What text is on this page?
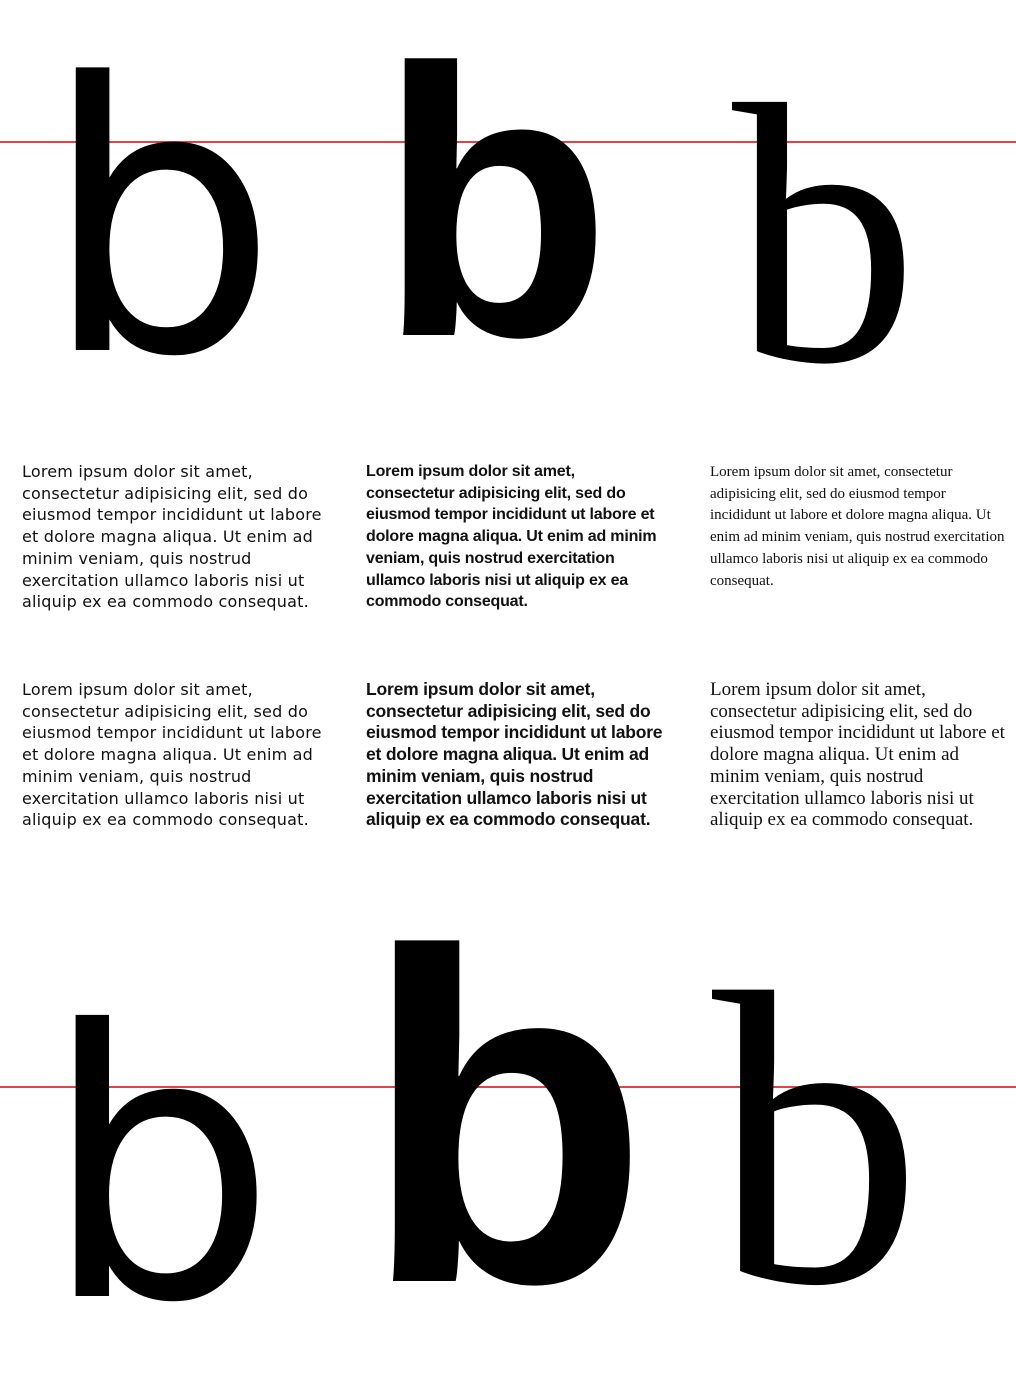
b b b

Lorem ipsum dolor sit amet, consectetur adipisicing elit, sed do eiusmod tempor incididunt ut labore et dolore magna aliqua. Ut enim ad minim veniam, quis nostrud exercitation ullamco laboris nisi ut aliquip ex ea commodo consequat.

Lorem ipsum dolor sit amet, consectetur adipisicing elit, sed do eiusmod tempor incididunt ut labore et dolore magna aliqua. Ut enim ad minim veniam, quis nostrud exercitation ullamco laboris nisi ut aliquip ex ea commodo consequat.

Lorem ipsum dolor sit amet, consectetur adipisicing elit, sed do eiusmod tempor incididunt ut labore et dolore magna aliqua. Ut enim ad minim veniam, quis nostrud exercitation ullamco laboris nisi ut aliquip ex ea commodo consequat.

Lorem ipsum dolor sit amet, consectetur adipisicing elit, sed do eiusmod tempor incididunt ut labore et dolore magna aliqua. Ut enim ad minim veniam, quis nostrud exercitation ullamco laboris nisi ut aliquip ex ea commodo consequat.

Lorem ipsum dolor sit amet, consectetur adipisicing elit, sed do eiusmod tempor incididunt ut labore et dolore magna aliqua. Ut enim ad minim veniam, quis nostrud exercitation ullamco laboris nisi ut aliquip ex ea commodo consequat.

Lorem ipsum dolor sit amet, consectetur adipisicing elit, sed do eiusmod tempor incididunt ut labore et dolore magna aliqua. Ut enim ad minim veniam, quis nostrud exercitation ullamco laboris nisi ut aliquip ex ea commodo consequat.

b b b
